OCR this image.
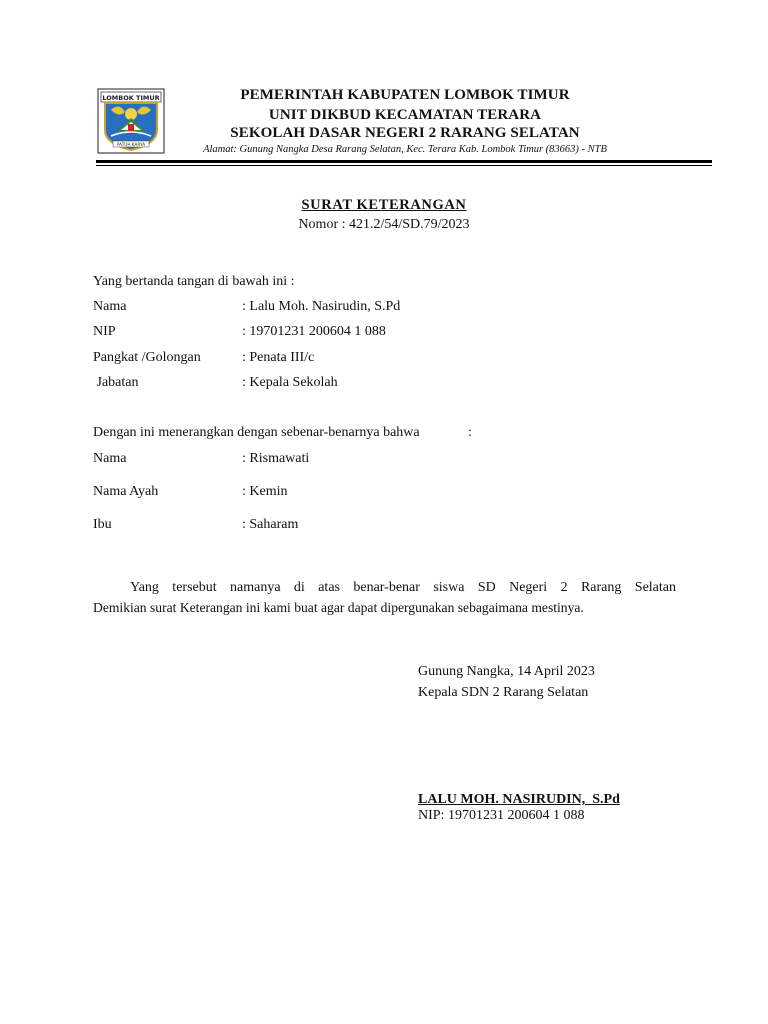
LOMBOK TIMUR
PATUH KARYA
PEMERINTAH KABUPATEN LOMBOK TIMUR
UNIT DIKBUD KECAMATAN TERARA
SEKOLAH DASAR NEGERI 2 RARANG SELATAN
Alamat: Gunung Nangka Desa Rarang Selatan, Kec. Terara Kab. Lombok Timur (83663) - NTB
SURAT KETERANGAN
Nomor : 421.2/54/SD.79/2023
Yang bertanda tangan di bawah ini :
Nama	: Lalu Moh. Nasirudin, S.Pd
NIP	: 19701231 200604 1 088
Pangkat /Golongan	: Penata III/c
Jabatan	: Kepala Sekolah
Dengan ini menerangkan dengan sebenar-benarnya bahwa	:
Nama	: Rismawati
Nama Ayah	: Kemin
Ibu	: Saharam
Yang tersebut namanya di atas benar-benar siswa SD Negeri 2 Rarang Selatan
Demikian surat Keterangan ini kami buat agar dapat dipergunakan sebagaimana mestinya.
Gunung Nangka, 14 April 2023
Kepala SDN 2 Rarang Selatan
LALU MOH. NASIRUDIN,  S.Pd
NIP: 19701231 200604 1 088
